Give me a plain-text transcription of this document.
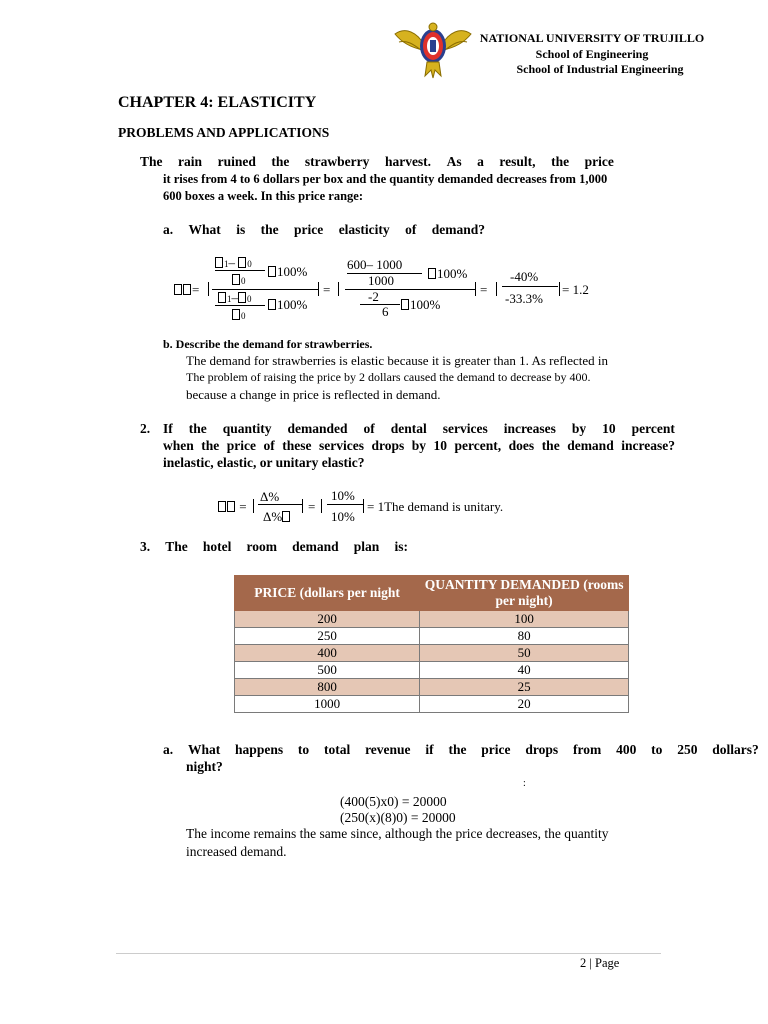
NATIONAL UNIVERSITY OF TRUJILLO
School of Engineering
School of Industrial Engineering
CHAPTER 4: ELASTICITY
PROBLEMS AND APPLICATIONS
The rain ruined the strawberry harvest. As a result, the price
it rises from 4 to 6 dollars per box and the quantity demanded decreases from 1,000
600 boxes a week. In this price range:
a. What is the price elasticity of demand?
=
1– 0
0
100%
1– 0
0
100%
=
600– 1000
1000	100%
-2
6	100%
=
-40%
-33.3%
= 1.2
b. Describe the demand for strawberries.
The demand for strawberries is elastic because it is greater than 1. As reflected in
The problem of raising the price by 2 dollars caused the demand to decrease by 400.
because a change in price is reflected in demand.
2. If the quantity demanded of dental services increases by 10 percent
when the price of these services drops by 10 percent, does the demand increase?
inelastic, elastic, or unitary elastic?
=
Δ%
Δ%
=
10%
10%
= 1The demand is unitary.
3. The hotel room demand plan is:
PRICE (dollars per night	QUANTITY DEMANDED (rooms per night)
200	100
250	80
400	50
500	40
800	25
1000	20
a. What happens to total revenue if the price drops from 400 to 250 dollars?
night?
:
(400(5)x0) = 20000
(250(x)(8)0) = 20000
The income remains the same since, although the price decreases, the quantity
increased demand.
2 | Page
